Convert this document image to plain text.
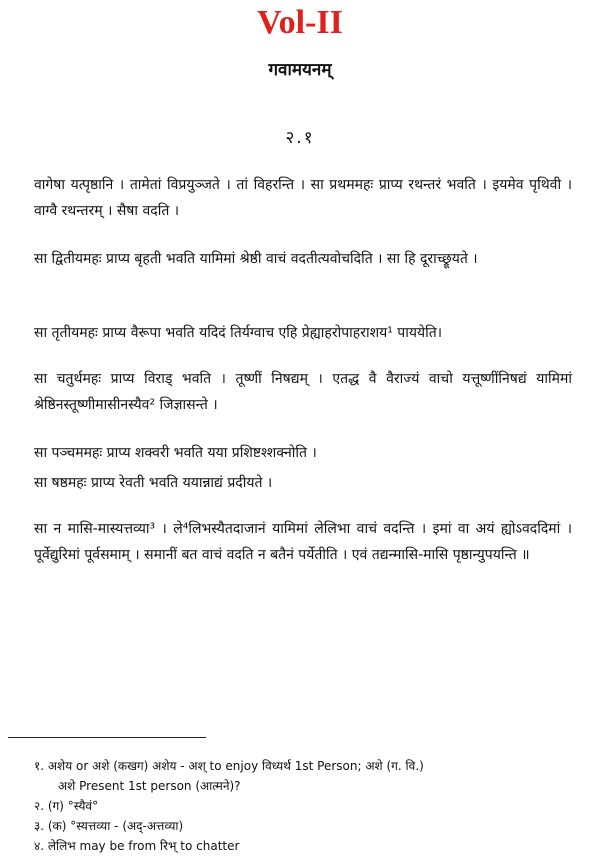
Vol-II
गवामयनम्
२.१
वागेषा यत्पृष्ठानि । तामेतां विप्रयुञ्जते । तां विहरन्ति । सा प्रथममहः प्राप्य रथन्तरं भवति । इयमेव पृथिवी । वाग्वै रथन्तरम् । सैषा वदति ।
सा द्वितीयमहः प्राप्य बृहती भवति यामिमां श्रेष्ठी वाचं वदतीत्यवोचदिति । सा हि दूराच्छ्रूयते ।
सा तृतीयमहः प्राप्य वैरूपा भवति यदिदं तिर्यग्वाच एहि प्रेह्याहरोपाहराशय¹ पाययेति।
सा चतुर्थमहः प्राप्य विराड् भवति । तूष्णीं निषद्यम् । एतद्ध वै वैराज्यं वाचो यत्तूष्णींनिषद्यं यामिमां श्रेष्ठिनस्तूष्णीमासीनस्यैव² जिज्ञासन्ते ।
सा पञ्चममहः प्राप्य शक्वरी भवति यया प्रशिष्टश्शक्नोति ।
सा षष्ठमहः प्राप्य रेवती भवति ययान्नाद्यं प्रदीयते ।
सा न मासि-मास्यत्तव्या³ । ले⁴लिभस्यैतदाजानं यामिमां लेलिभा वाचं वदन्ति । इमां वा अयं ह्योऽवददिमां । पूर्वेद्युरिमां पूर्वसमाम् । समानीं बत वाचं वदति न बतैनं पर्येतीति । एवं तद्यन्मासि-मासि पृष्ठान्युपयन्ति ॥
१. अशेय or अशे (कखग) अशेय - अश् to enjoy विध्यर्थ 1st Person; अशे (ग. वि.)
अशे Present 1st person (आत्मने)?
२. (ग) °स्यैवं°
३. (क) °स्यत्तव्या - (अद्-अत्तव्या)
४. लेलिभ may be from रिभ् to chatter
